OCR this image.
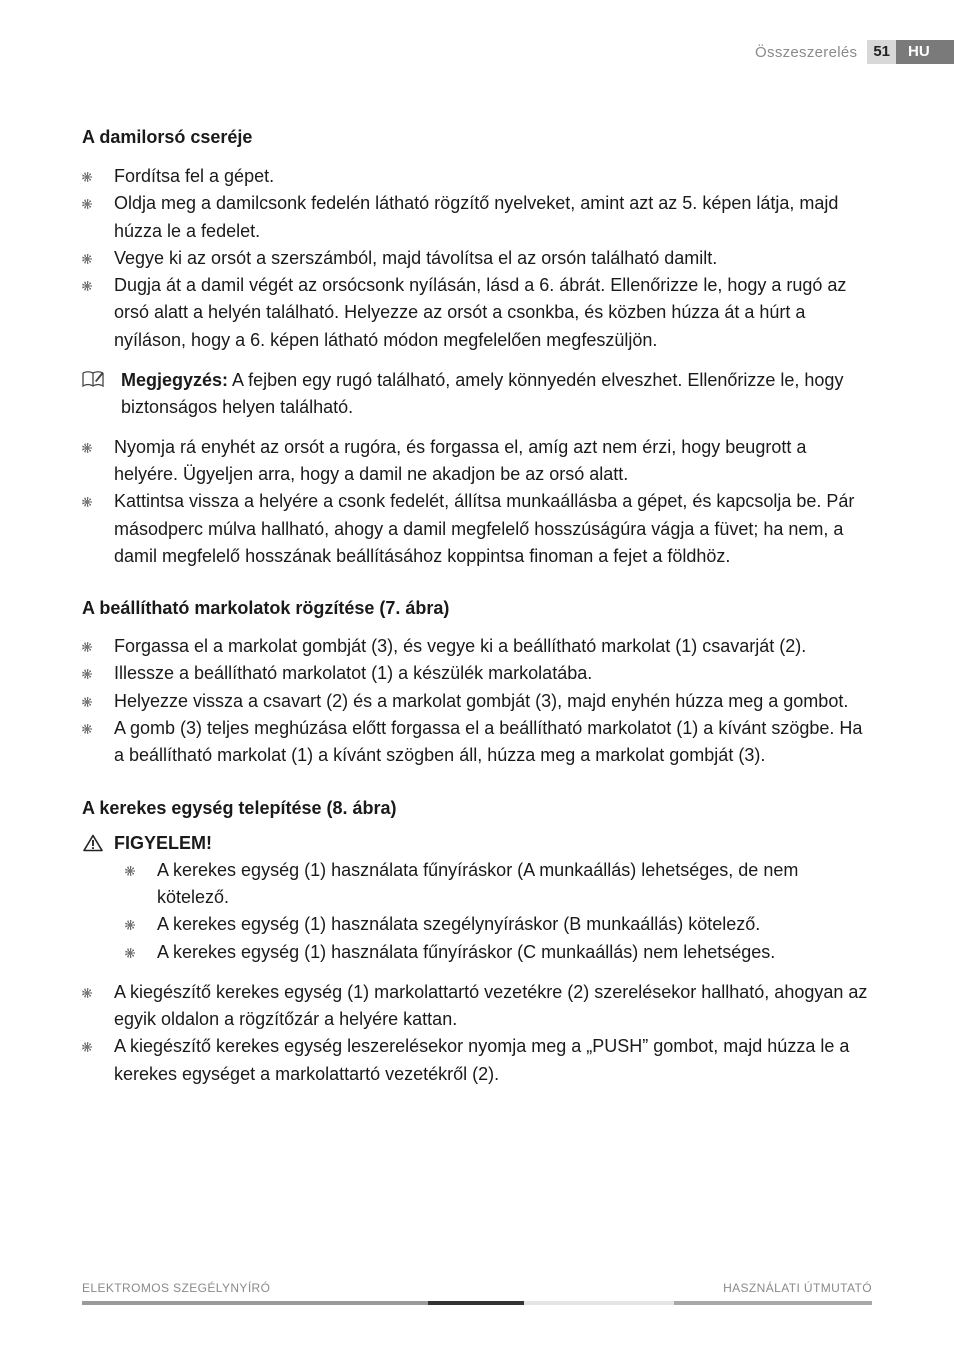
Összeszerelés	51	HU
A damilorsó cseréje
Fordítsa fel a gépet.
Oldja meg a damilcsonk fedelén látható rögzítő nyelveket, amint azt az 5. képen látja, majd húzza le a fedelet.
Vegye ki az orsót a szerszámból, majd távolítsa el az orsón található damilt.
Dugja át a damil végét az orsócsonk nyílásán, lásd a 6. ábrát. Ellenőrizze le, hogy a rugó az orsó alatt a helyén található. Helyezze az orsót a csonkba, és közben húzza át a húrt a nyíláson, hogy a 6. képen látható módon megfelelően megfeszüljön.
Megjegyzés: A fejben egy rugó található, amely könnyedén elveszhet. Ellenőrizze le, hogy biztonságos helyen található.
Nyomja rá enyhét az orsót a rugóra, és forgassa el, amíg azt nem érzi, hogy beugrott a helyére. Ügyeljen arra, hogy a damil ne akadjon be az orsó alatt.
Kattintsa vissza a helyére a csonk fedelét, állítsa munkaállásba a gépet, és kapcsolja be. Pár másodperc múlva hallható, ahogy a damil megfelelő hosszúságúra vágja a füvet; ha nem, a damil megfelelő hosszának beállításához koppintsa finoman a fejet a földhöz.
A beállítható markolatok rögzítése (7. ábra)
Forgassa el a markolat gombját (3), és vegye ki a beállítható markolat (1) csavarját (2).
Illessze a beállítható markolatot (1) a készülék markolatába.
Helyezze vissza a csavart (2) és a markolat gombját (3), majd enyhén húzza meg a gombot.
A gomb (3) teljes meghúzása előtt forgassa el a beállítható markolatot (1) a kívánt szögbe. Ha a beállítható markolat (1) a kívánt szögben áll, húzza meg a markolat gombját (3).
A kerekes egység telepítése (8. ábra)
FIGYELEM!
A kerekes egység (1) használata fűnyíráskor (A munkaállás) lehetséges, de nem kötelező.
A kerekes egység (1) használata szegélynyíráskor (B munkaállás) kötelező.
A kerekes egység (1) használata fűnyíráskor (C munkaállás) nem lehetséges.
A kiegészítő kerekes egység (1) markolattartó vezetékre (2) szerelésekor hallható, ahogyan az egyik oldalon a rögzítőzár a helyére kattan.
A kiegészítő kerekes egység leszerelésekor nyomja meg a „PUSH” gombot, majd húzza le a kerekes egységet a markolattartó vezetékről (2).
ELEKTROMOS SZEGÉLYNYÍRÓ	HASZNÁLATI ÚTMUTATÓ
